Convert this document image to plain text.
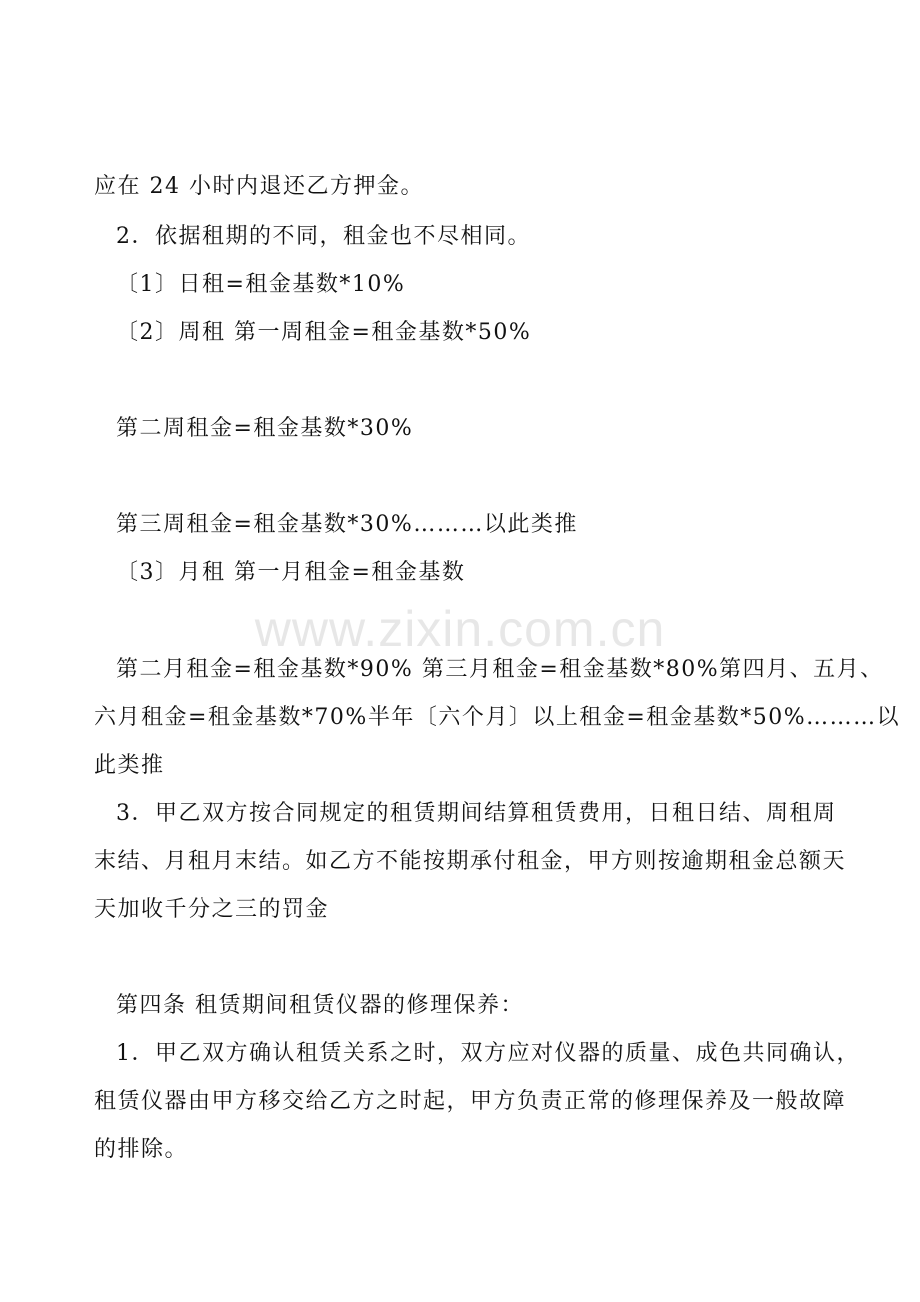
www.zixin.com.cn
应在 24 小时内退还乙方押金。
2．依据租期的不同，租金也不尽相同。
〔1〕日租=租金基数*10%
〔2〕周租 第一周租金=租金基数*50%
第二周租金=租金基数*30%
第三周租金=租金基数*30%………以此类推
〔3〕月租 第一月租金=租金基数
第二月租金=租金基数*90% 第三月租金=租金基数*80%第四月、五月、
六月租金=租金基数*70%半年〔六个月〕以上租金=租金基数*50%………以
此类推
3．甲乙双方按合同规定的租赁期间结算租赁费用，日租日结、周租周
末结、月租月末结。如乙方不能按期承付租金，甲方则按逾期租金总额天
天加收千分之三的罚金
第四条 租赁期间租赁仪器的修理保养：
1．甲乙双方确认租赁关系之时，双方应对仪器的质量、成色共同确认，
租赁仪器由甲方移交给乙方之时起，甲方负责正常的修理保养及一般故障
的排除。
